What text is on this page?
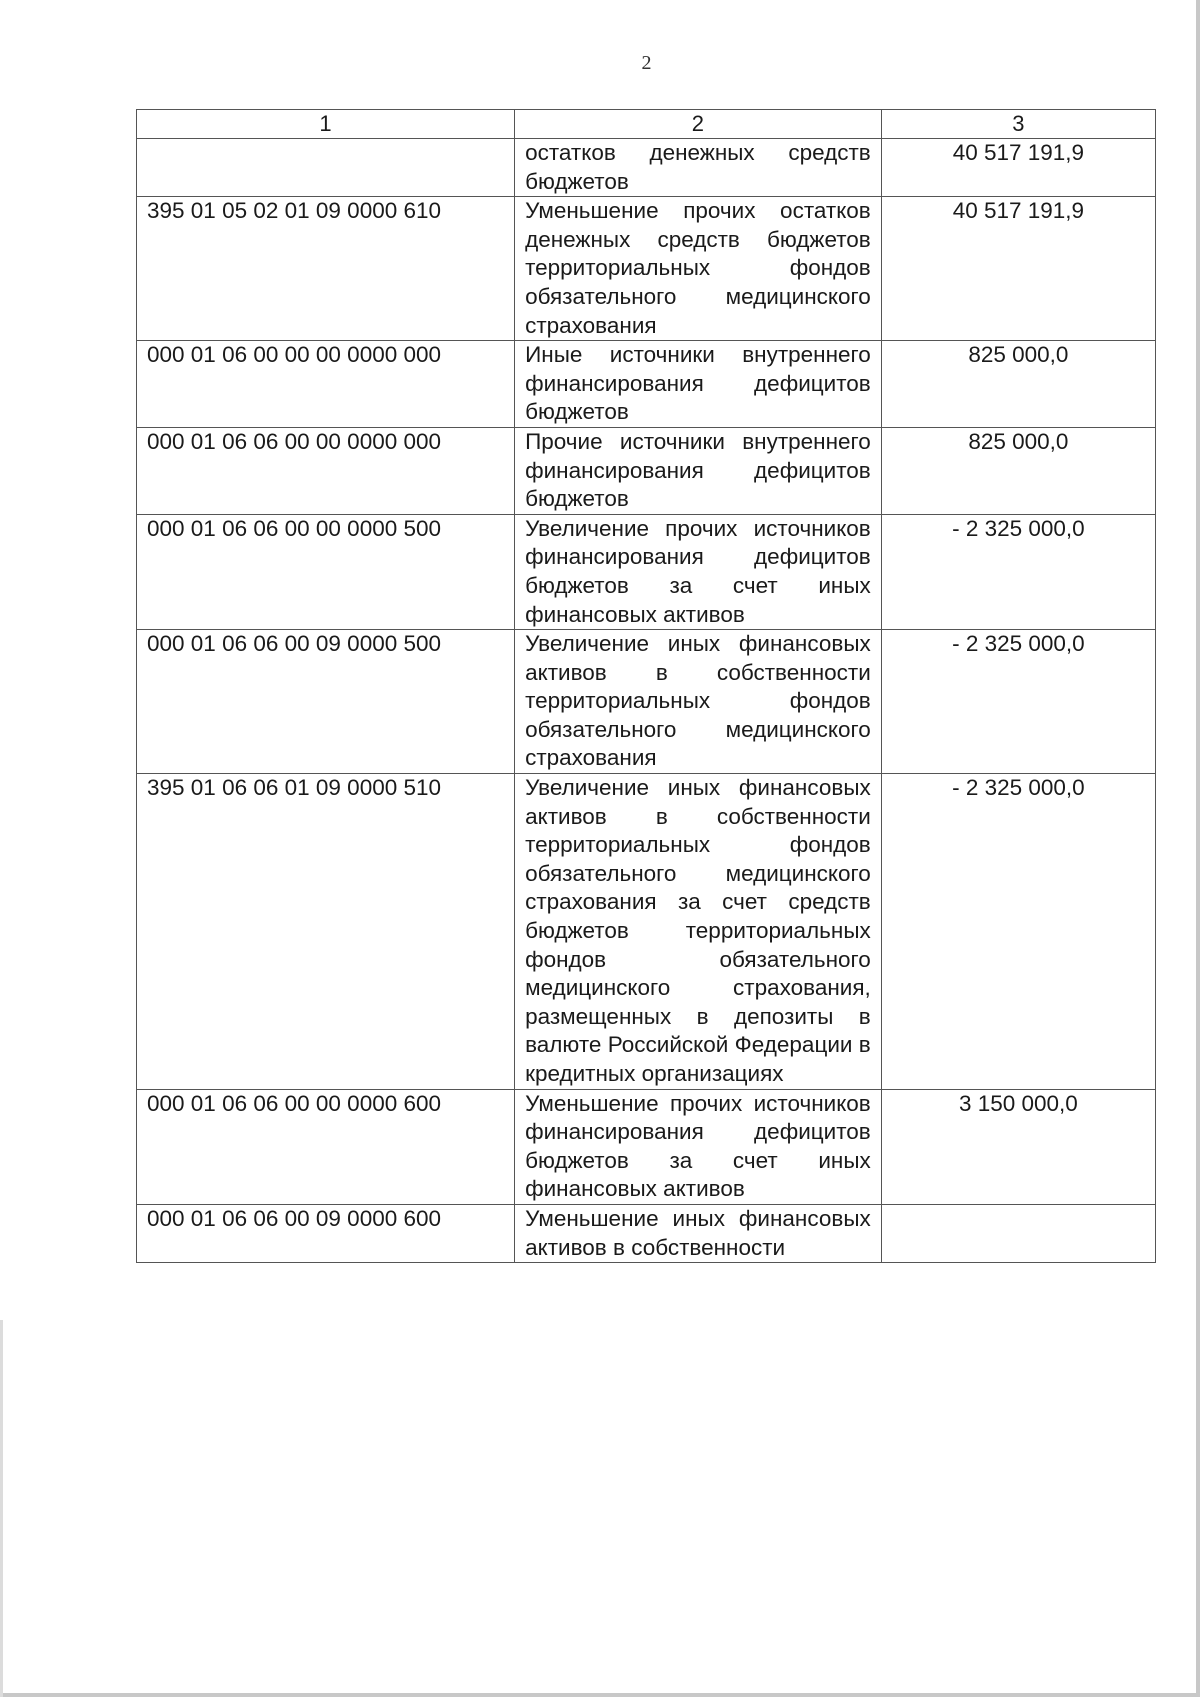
2
1	2	3
	остатков денежных средств бюджетов	40 517 191,9
395 01 05 02 01 09 0000 610	Уменьшение прочих остатков денежных средств бюджетов территориальных фондов обязательного медицинского страхования	40 517 191,9
000 01 06 00 00 00 0000 000	Иные источники внутреннего финансирования дефицитов бюджетов	825 000,0
000 01 06 06 00 00 0000 000	Прочие источники внутреннего финансирования дефицитов бюджетов	825 000,0
000 01 06 06 00 00 0000 500	Увеличение прочих источников финансирования дефицитов бюджетов за счет иных финансовых активов	- 2 325 000,0
000 01 06 06 00 09 0000 500	Увеличение иных финансовых активов в собственности территориальных фондов обязательного медицинского страхования	- 2 325 000,0
395 01 06 06 01 09 0000 510	Увеличение иных финансовых активов в собственности территориальных фондов обязательного медицинского страхования за счет средств бюджетов территориальных фондов обязательного медицинского страхования, размещенных в депозиты в валюте Российской Федерации в кредитных организациях	- 2 325 000,0
000 01 06 06 00 00 0000 600	Уменьшение прочих источников финансирования дефицитов бюджетов за счет иных финансовых активов	3 150 000,0
000 01 06 06 00 09 0000 600	Уменьшение иных финансовых активов в собственности	
